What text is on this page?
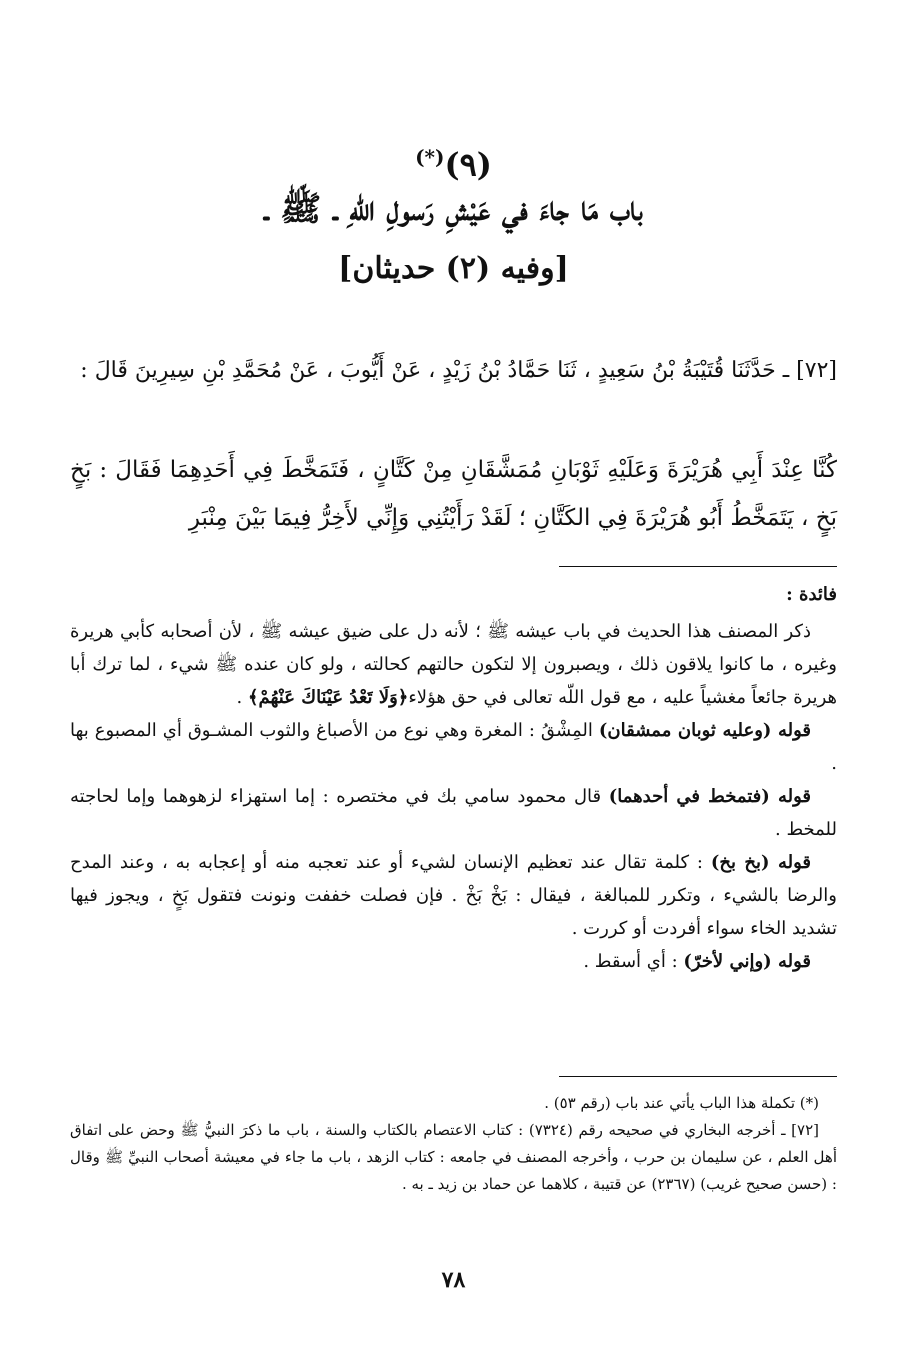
(٩)(*)
باب مَا جاءَ في عَيْشِ رَسولِ اللّهِ ـ ﷺ ـ
[وفيه (٢) حديثان]
[٧٢] ـ حَدَّثَنَا قُتَيْبَةُ بْنُ سَعِيدٍ ، ثَنَا حَمَّادُ بْنُ زَيْدٍ ، عَنْ أَيُّوبَ ، عَنْ مُحَمَّدِ بْنِ سِيرِينَ قَالَ :
كُنَّا عِنْدَ أَبِي هُرَيْرَةَ وَعَلَيْهِ ثَوْبَانِ مُمَشَّقَانِ مِنْ كَتَّانٍ ، فَتَمَخَّطَ فِي أَحَدِهِمَا فَقَالَ : بَخٍ بَخٍ ، يَتَمَخَّطُ أَبُو هُرَيْرَةَ فِي الكَتَّانِ ؛ لَقَدْ رَأَيْتُنِي وَإِنِّي لأَخِرُّ فِيمَا بَيْنَ مِنْبَرِ

فائدة :

ذكر المصنف هذا الحديث في باب عيشه ﷺ ؛ لأنه دل على ضيق عيشه ﷺ ، لأن أصحابه كأبي هريرة وغيره ، ما كانوا يلاقون ذلك ، ويصبرون إلا لتكون حالتهم كحالته ، ولو كان عنده ﷺ شيء ، لما ترك أبا هريرة جائعاً مغشياً عليه ، مع قول اللّه تعالى في حق هؤلاء﴿وَلَا تَعْدُ عَيْنَاكَ عَنْهُمْ﴾ .

قوله (وعليه ثوبان ممشقان) المِشْقُ : المغرة وهي نوع من الأصباغ والثوب المشـوق أي المصبوع بها .

قوله (فتمخط في أحدهما) قال محمود سامي بك في مختصره : إما استهزاء لزهوهما وإما لحاجته للمخط .

قوله (بخ بخ) : كلمة تقال عند تعظيم الإنسان لشيء أو عند تعجبه منه أو إعجابه به ، وعند المدح والرضا بالشيء ، وتكرر للمبالغة ، فيقال : بَخْ بَخْ . فإن فصلت خففت ونونت فتقول بَخٍ ، ويجوز فيها تشديد الخاء سواء أفردت أو كررت .

قوله (وإني لأخرّ) : أي أسقط .

(*) تكملة هذا الباب يأتي عند باب (رقم ٥٣) .

[٧٢] ـ أخرجه البخاري في صحيحه رقم (٧٣٢٤) : كتاب الاعتصام بالكتاب والسنة ، باب ما ذكرَ النبيُّ ﷺ وحض على اتفاق أهل العلم ، عن سليمان بن حرب ، وأخرجه المصنف في جامعه : كتاب الزهد ، باب ما جاء في معيشة أصحاب النبيِّ ﷺ وقال : (حسن صحيح غريب) (٢٣٦٧) عن قتيبة ، كلاهما عن حماد بن زيد ـ به .

٧٨
